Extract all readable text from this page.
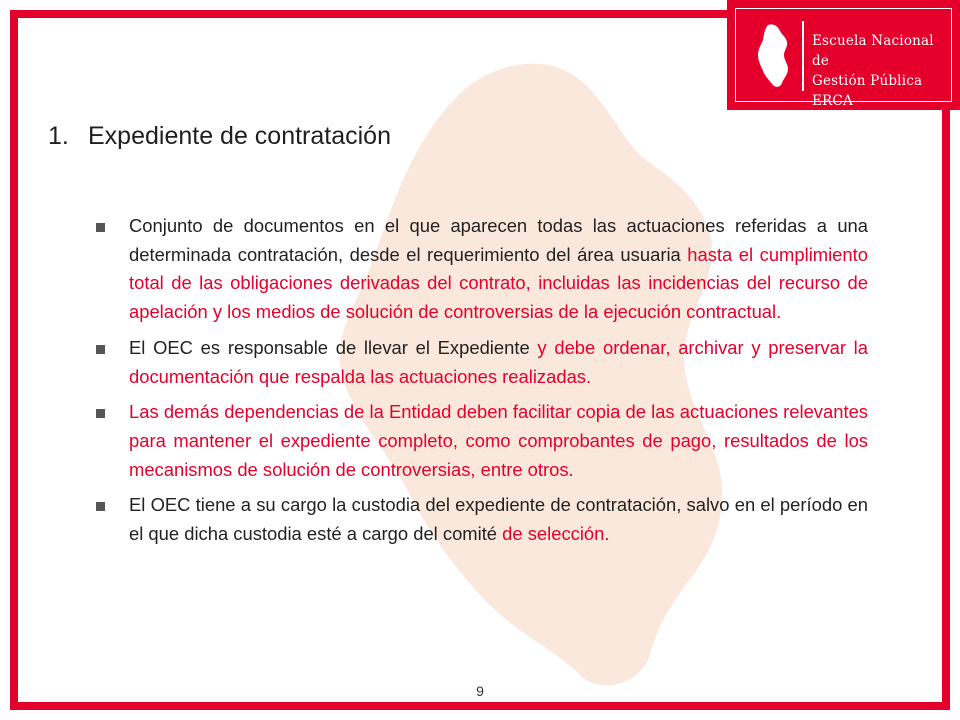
Escuela Nacional de
Gestión Pública ERCA
1. Expediente de contratación
Conjunto de documentos en el que aparecen todas las actuaciones referidas a una determinada contratación, desde el requerimiento del área usuaria hasta el cumplimiento total de las obligaciones derivadas del contrato, incluidas las incidencias del recurso de apelación y los medios de solución de controversias de la ejecución contractual.
El OEC es responsable de llevar el Expediente y debe ordenar, archivar y preservar la documentación que respalda las actuaciones realizadas.
Las demás dependencias de la Entidad deben facilitar copia de las actuaciones relevantes para mantener el expediente completo, como comprobantes de pago, resultados de los mecanismos de solución de controversias, entre otros.
El OEC tiene a su cargo la custodia del expediente de contratación, salvo en el período en el que dicha custodia esté a cargo del comité de selección.
9
